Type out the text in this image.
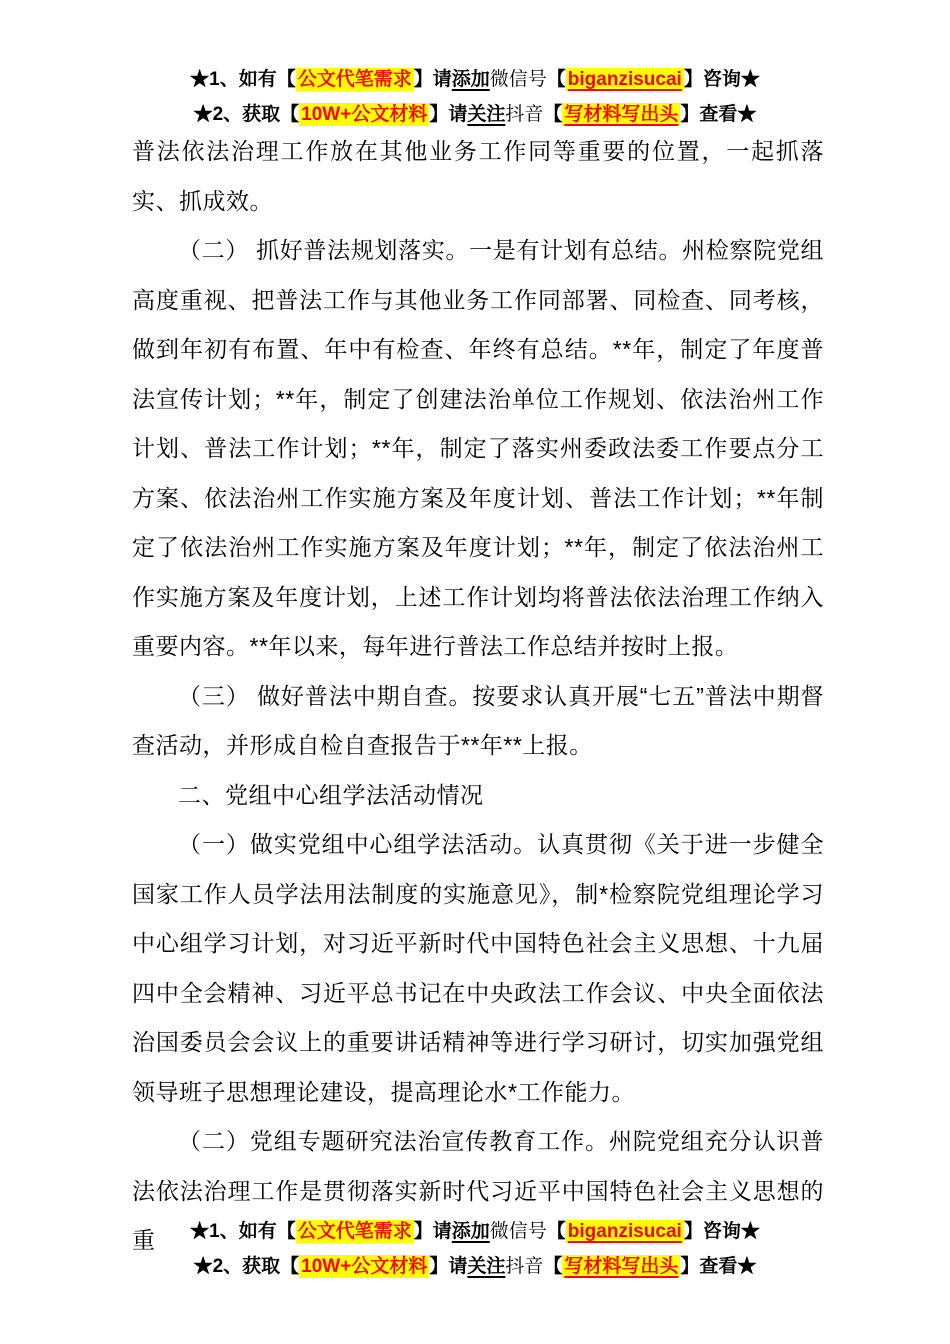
★1、如有【 公文代笔需求 】请添加微信号【 biganzisucai 】咨询★
★2、获取【 10W+公文材料 】请关注抖音【 写材料写出头 】查看★

普法依法治理工作放在其他业务工作同等重要的位置，一起抓落实、抓成效。

（二） 抓好普法规划落实。一是有计划有总结。州检察院党组高度重视、把普法工作与其他业务工作同部署、同检查、同考核，做到年初有布置、年中有检查、年终有总结。**年，制定了年度普法宣传计划；**年，制定了创建法治单位工作规划、依法治州工作计划、普法工作计划；**年，制定了落实州委政法委工作要点分工方案、依法治州工作实施方案及年度计划、普法工作计划；**年制定了依法治州工作实施方案及年度计划；**年，制定了依法治州工作实施方案及年度计划，上述工作计划均将普法依法治理工作纳入重要内容。**年以来，每年进行普法工作总结并按时上报。

（三） 做好普法中期自查。按要求认真开展“七五”普法中期督查活动，并形成自检自查报告于**年**上报。

二、党组中心组学法活动情况

（一）做实党组中心组学法活动。认真贯彻《关于进一步健全国家工作人员学法用法制度的实施意见》，制*检察院党组理论学习中心组学习计划，对习近平新时代中国特色社会主义思想、十九届四中全会精神、习近平总书记在中央政法工作会议、中央全面依法治国委员会会议上的重要讲话精神等进行学习研讨，切实加强党组领导班子思想理论建设，提高理论水*工作能力。

（二）党组专题研究法治宣传教育工作。州院党组充分认识普法依法治理工作是贯彻落实新时代习近平中国特色社会主义思想的重	★1、如有【 公文代笔需求 】请添加微信号【 biganzisucai 】咨询★
★2、获取【 10W+公文材料 】请关注抖音【 写材料写出头 】查看★
